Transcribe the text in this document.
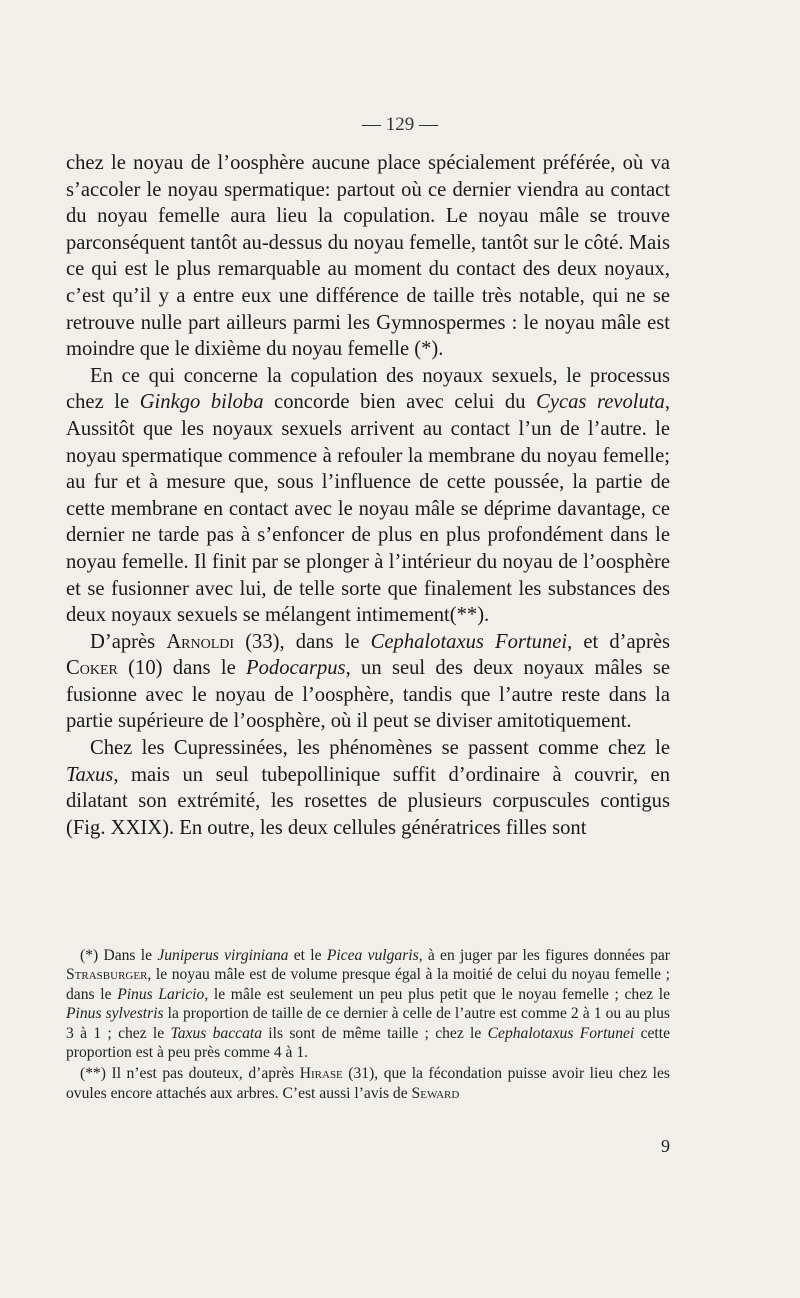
— 129 —

chez le noyau de l’oosphère aucune place spécialement préférée, où va s’accoler le noyau spermatique: partout où ce dernier viendra au contact du noyau femelle aura lieu la copulation. Le noyau mâle se trouve parconséquent tantôt au-dessus du noyau femelle, tantôt sur le côté. Mais ce qui est le plus remarquable au moment du contact des deux noyaux, c’est qu’il y a entre eux une différence de taille très notable, qui ne se retrouve nulle part ailleurs parmi les Gymnospermes : le noyau mâle est moindre que le dixième du noyau femelle (*).

En ce qui concerne la copulation des noyaux sexuels, le processus chez le Ginkgo biloba concorde bien avec celui du Cycas revoluta, Aussitôt que les noyaux sexuels arrivent au contact l’un de l’autre. le noyau spermatique commence à refouler la membrane du noyau femelle; au fur et à mesure que, sous l’influence de cette poussée, la partie de cette membrane en contact avec le noyau mâle se déprime davantage, ce dernier ne tarde pas à s’enfoncer de plus en plus profondément dans le noyau femelle. Il finit par se plonger à l’intérieur du noyau de l’oosphère et se fusionner avec lui, de telle sorte que finalement les substances des deux noyaux sexuels se mélangent intimement(**).

D’après Arnoldi (33), dans le Cephalotaxus Fortunei, et d’après Coker (10) dans le Podocarpus, un seul des deux noyaux mâles se fusionne avec le noyau de l’oosphère, tandis que l’autre reste dans la partie supérieure de l’oosphère, où il peut se diviser amitotiquement.

Chez les Cupressinées, les phénomènes se passent comme chez le Taxus, mais un seul tubepollinique suffit d’ordinaire à couvrir, en dilatant son extrémité, les rosettes de plusieurs corpuscules contigus (Fig. XXIX). En outre, les deux cellules génératrices filles sont

(*) Dans le Juniperus virginiana et le Picea vulgaris, à en juger par les figures données par Strasburger, le noyau mâle est de volume presque égal à la moitié de celui du noyau femelle ; dans le Pinus Laricio, le mâle est seulement un peu plus petit que le noyau femelle ; chez le Pinus sylvestris la proportion de taille de ce dernier à celle de l’autre est comme 2 à 1 ou au plus 3 à 1 ; chez le Taxus baccata ils sont de même taille ; chez le Cephalotaxus Fortunei cette proportion est à peu près comme 4 à 1.

(**) Il n’est pas douteux, d’après Hirase (31), que la fécondation puisse avoir lieu chez les ovules encore attachés aux arbres. C’est aussi l’avis de Seward

9
